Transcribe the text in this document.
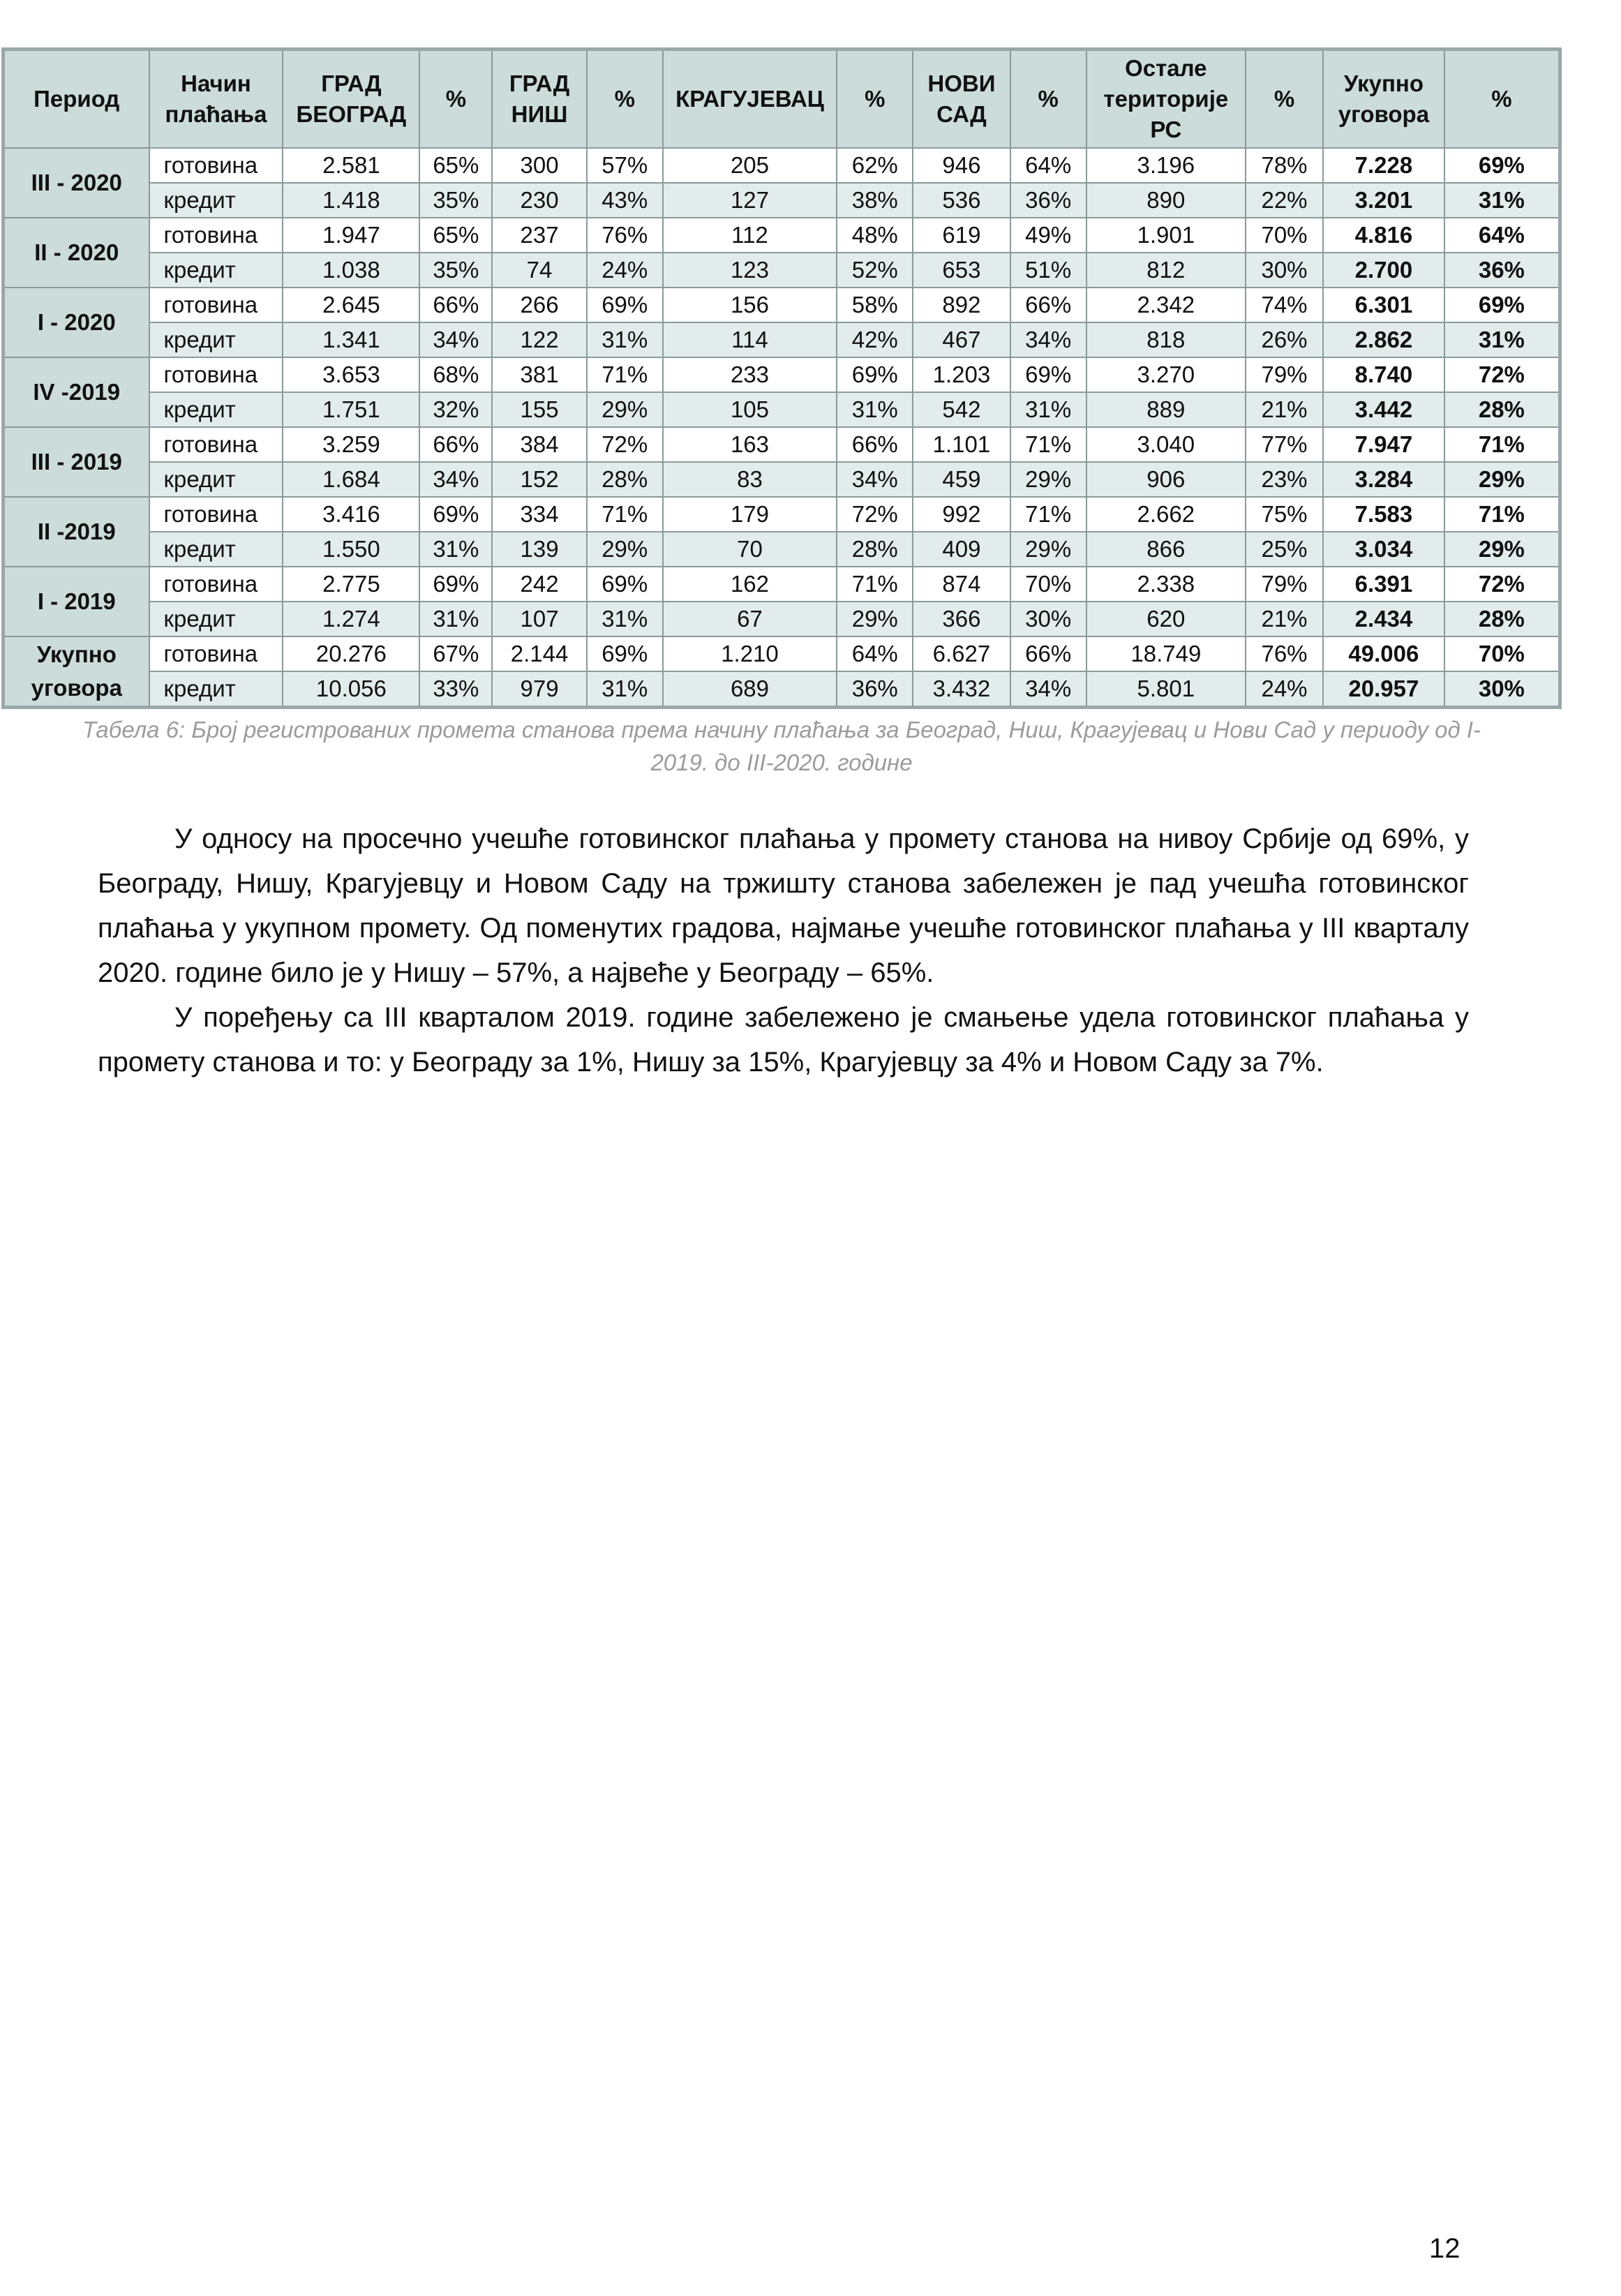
Период	Начин плаћања	ГРАД БЕОГРАД	%	ГРАД НИШ	%	КРАГУЈЕВАЦ	%	НОВИ САД	%	Остале територије РС	%	Укупно уговора	%
III - 2020	готовина	2.581	65%	300	57%	205	62%	946	64%	3.196	78%	7.228	69%
	кредит	1.418	35%	230	43%	127	38%	536	36%	890	22%	3.201	31%
II - 2020	готовина	1.947	65%	237	76%	112	48%	619	49%	1.901	70%	4.816	64%
	кредит	1.038	35%	74	24%	123	52%	653	51%	812	30%	2.700	36%
I - 2020	готовина	2.645	66%	266	69%	156	58%	892	66%	2.342	74%	6.301	69%
	кредит	1.341	34%	122	31%	114	42%	467	34%	818	26%	2.862	31%
IV -2019	готовина	3.653	68%	381	71%	233	69%	1.203	69%	3.270	79%	8.740	72%
	кредит	1.751	32%	155	29%	105	31%	542	31%	889	21%	3.442	28%
III - 2019	готовина	3.259	66%	384	72%	163	66%	1.101	71%	3.040	77%	7.947	71%
	кредит	1.684	34%	152	28%	83	34%	459	29%	906	23%	3.284	29%
II -2019	готовина	3.416	69%	334	71%	179	72%	992	71%	2.662	75%	7.583	71%
	кредит	1.550	31%	139	29%	70	28%	409	29%	866	25%	3.034	29%
I - 2019	готовина	2.775	69%	242	69%	162	71%	874	70%	2.338	79%	6.391	72%
	кредит	1.274	31%	107	31%	67	29%	366	30%	620	21%	2.434	28%
Укупно уговора	готовина	20.276	67%	2.144	69%	1.210	64%	6.627	66%	18.749	76%	49.006	70%
	кредит	10.056	33%	979	31%	689	36%	3.432	34%	5.801	24%	20.957	30%
Табела 6: Број регистрованих промета станова према начину плаћања за Београд, Ниш, Крагујевац и Нови Сад у периоду од I-2019. до III-2020. године

У односу на просечно учешће готовинског плаћања у промету станова на нивоу Србије од 69%, у Београду, Нишу, Крагујевцу и Новом Саду на тржишту станова забележен је пад учешћа готовинског плаћања у укупном промету. Од поменутих градова, најмање учешће готовинског плаћања у III кварталу 2020. године било је у Нишу – 57%, а највеће у Београду – 65%.

У поређењу са III кварталом 2019. године забележено је смањење удела готовинског плаћања у промету станова и то: у Београду за 1%, Нишу за 15%, Крагујевцу за 4% и Новом Саду за 7%.

12
